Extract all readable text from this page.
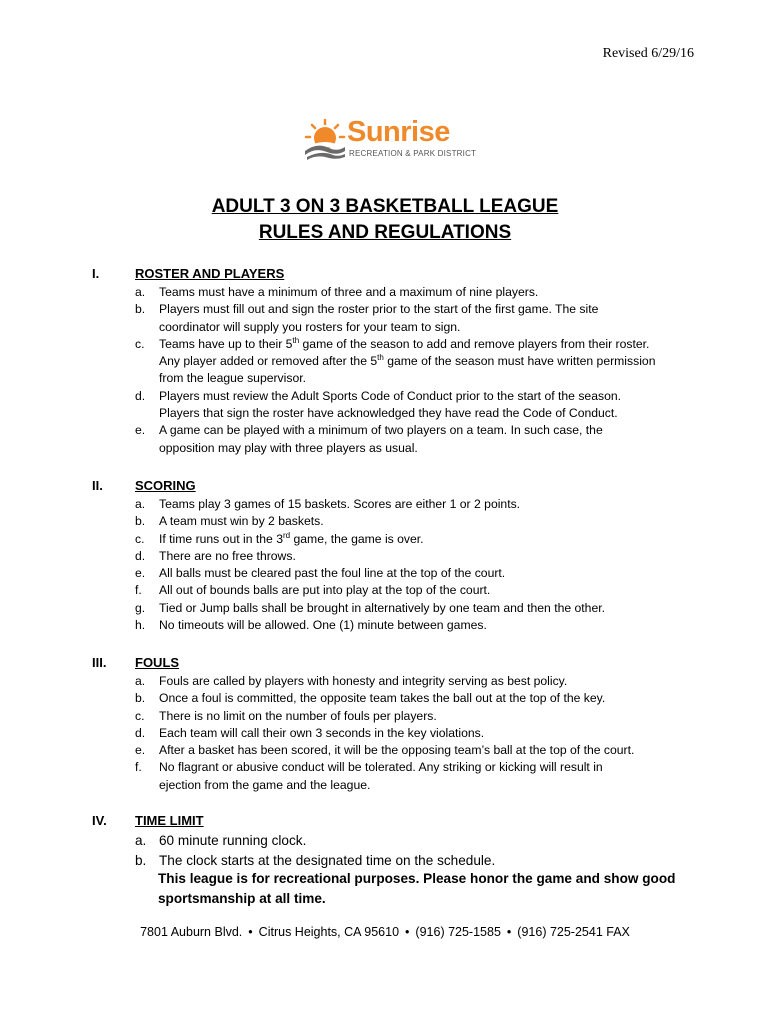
Revised 6/29/16
Sunrise
RECREATION & PARK DISTRICT
ADULT 3 ON 3 BASKETBALL LEAGUE
RULES AND REGULATIONS
I.	ROSTER AND PLAYERS
a. Teams must have a minimum of three and a maximum of nine players.
b. Players must fill out and sign the roster prior to the start of the first game. The site
coordinator will supply you rosters for your team to sign.
c. Teams have up to their 5th game of the season to add and remove players from their roster.
Any player added or removed after the 5th game of the season must have written permission
from the league supervisor.
d. Players must review the Adult Sports Code of Conduct prior to the start of the season.
Players that sign the roster have acknowledged they have read the Code of Conduct.
e. A game can be played with a minimum of two players on a team. In such case, the
opposition may play with three players as usual.
II. SCORING
a. Teams play 3 games of 15 baskets. Scores are either 1 or 2 points.
b. A team must win by 2 baskets.
c. If time runs out in the 3rd game, the game is over.
d. There are no free throws.
e. All balls must be cleared past the foul line at the top of the court.
f. All out of bounds balls are put into play at the top of the court.
g. Tied or Jump balls shall be brought in alternatively by one team and then the other.
h. No timeouts will be allowed. One (1) minute between games.
III. FOULS
a. Fouls are called by players with honesty and integrity serving as best policy.
b. Once a foul is committed, the opposite team takes the ball out at the top of the key.
c. There is no limit on the number of fouls per players.
d. Each team will call their own 3 seconds in the key violations.
e. After a basket has been scored, it will be the opposing team’s ball at the top of the court.
f. No flagrant or abusive conduct will be tolerated. Any striking or kicking will result in
ejection from the game and the league.
IV. TIME LIMIT
a. 60 minute running clock.
b. The clock starts at the designated time on the schedule.
This league is for recreational purposes. Please honor the game and show good
sportsmanship at all time.
7801 Auburn Blvd. • Citrus Heights, CA 95610 • (916) 725-1585 • (916) 725-2541 FAX
